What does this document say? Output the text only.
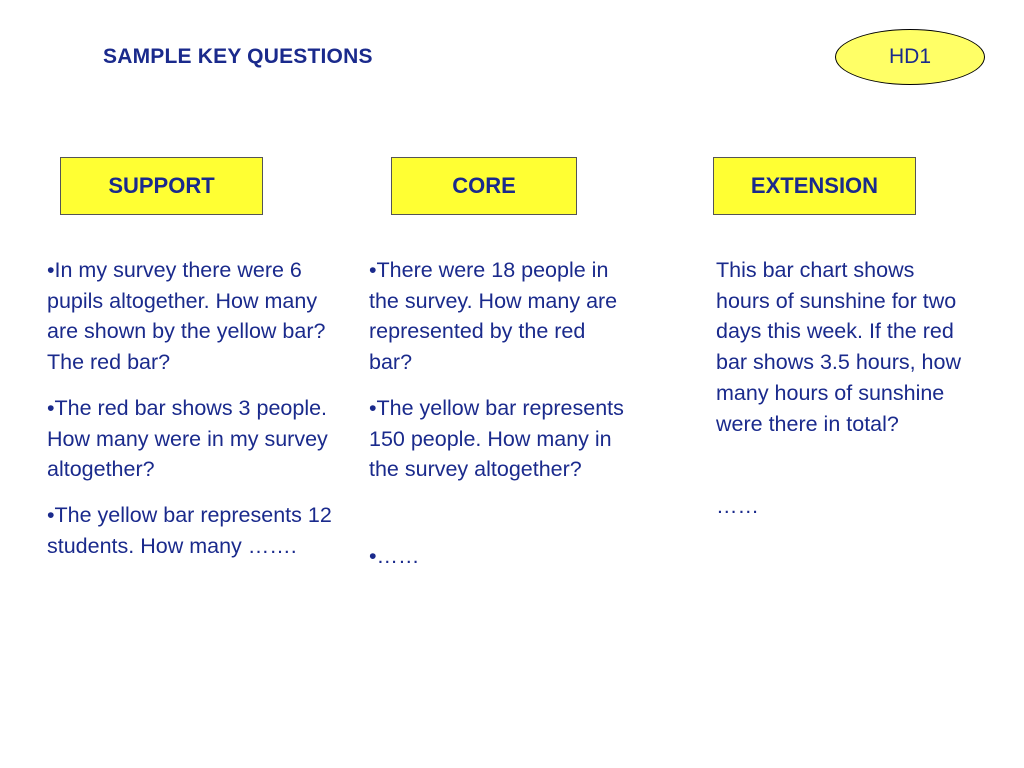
SAMPLE KEY QUESTIONS	HD1
SUPPORT	CORE	EXTENSION

•In my survey there were 6 pupils altogether. How many are shown by the yellow bar? The red bar?

•The red bar shows 3 people. How many were in my survey altogether?

•The yellow bar represents 12 students. How many …….

•There were 18 people in the survey. How many are represented by the red bar?

•The yellow bar represents 150 people. How many in the survey altogether?

•……

This bar chart shows hours of sunshine for two days this week. If the red bar shows 3.5 hours, how many hours of sunshine were there in total?

……
